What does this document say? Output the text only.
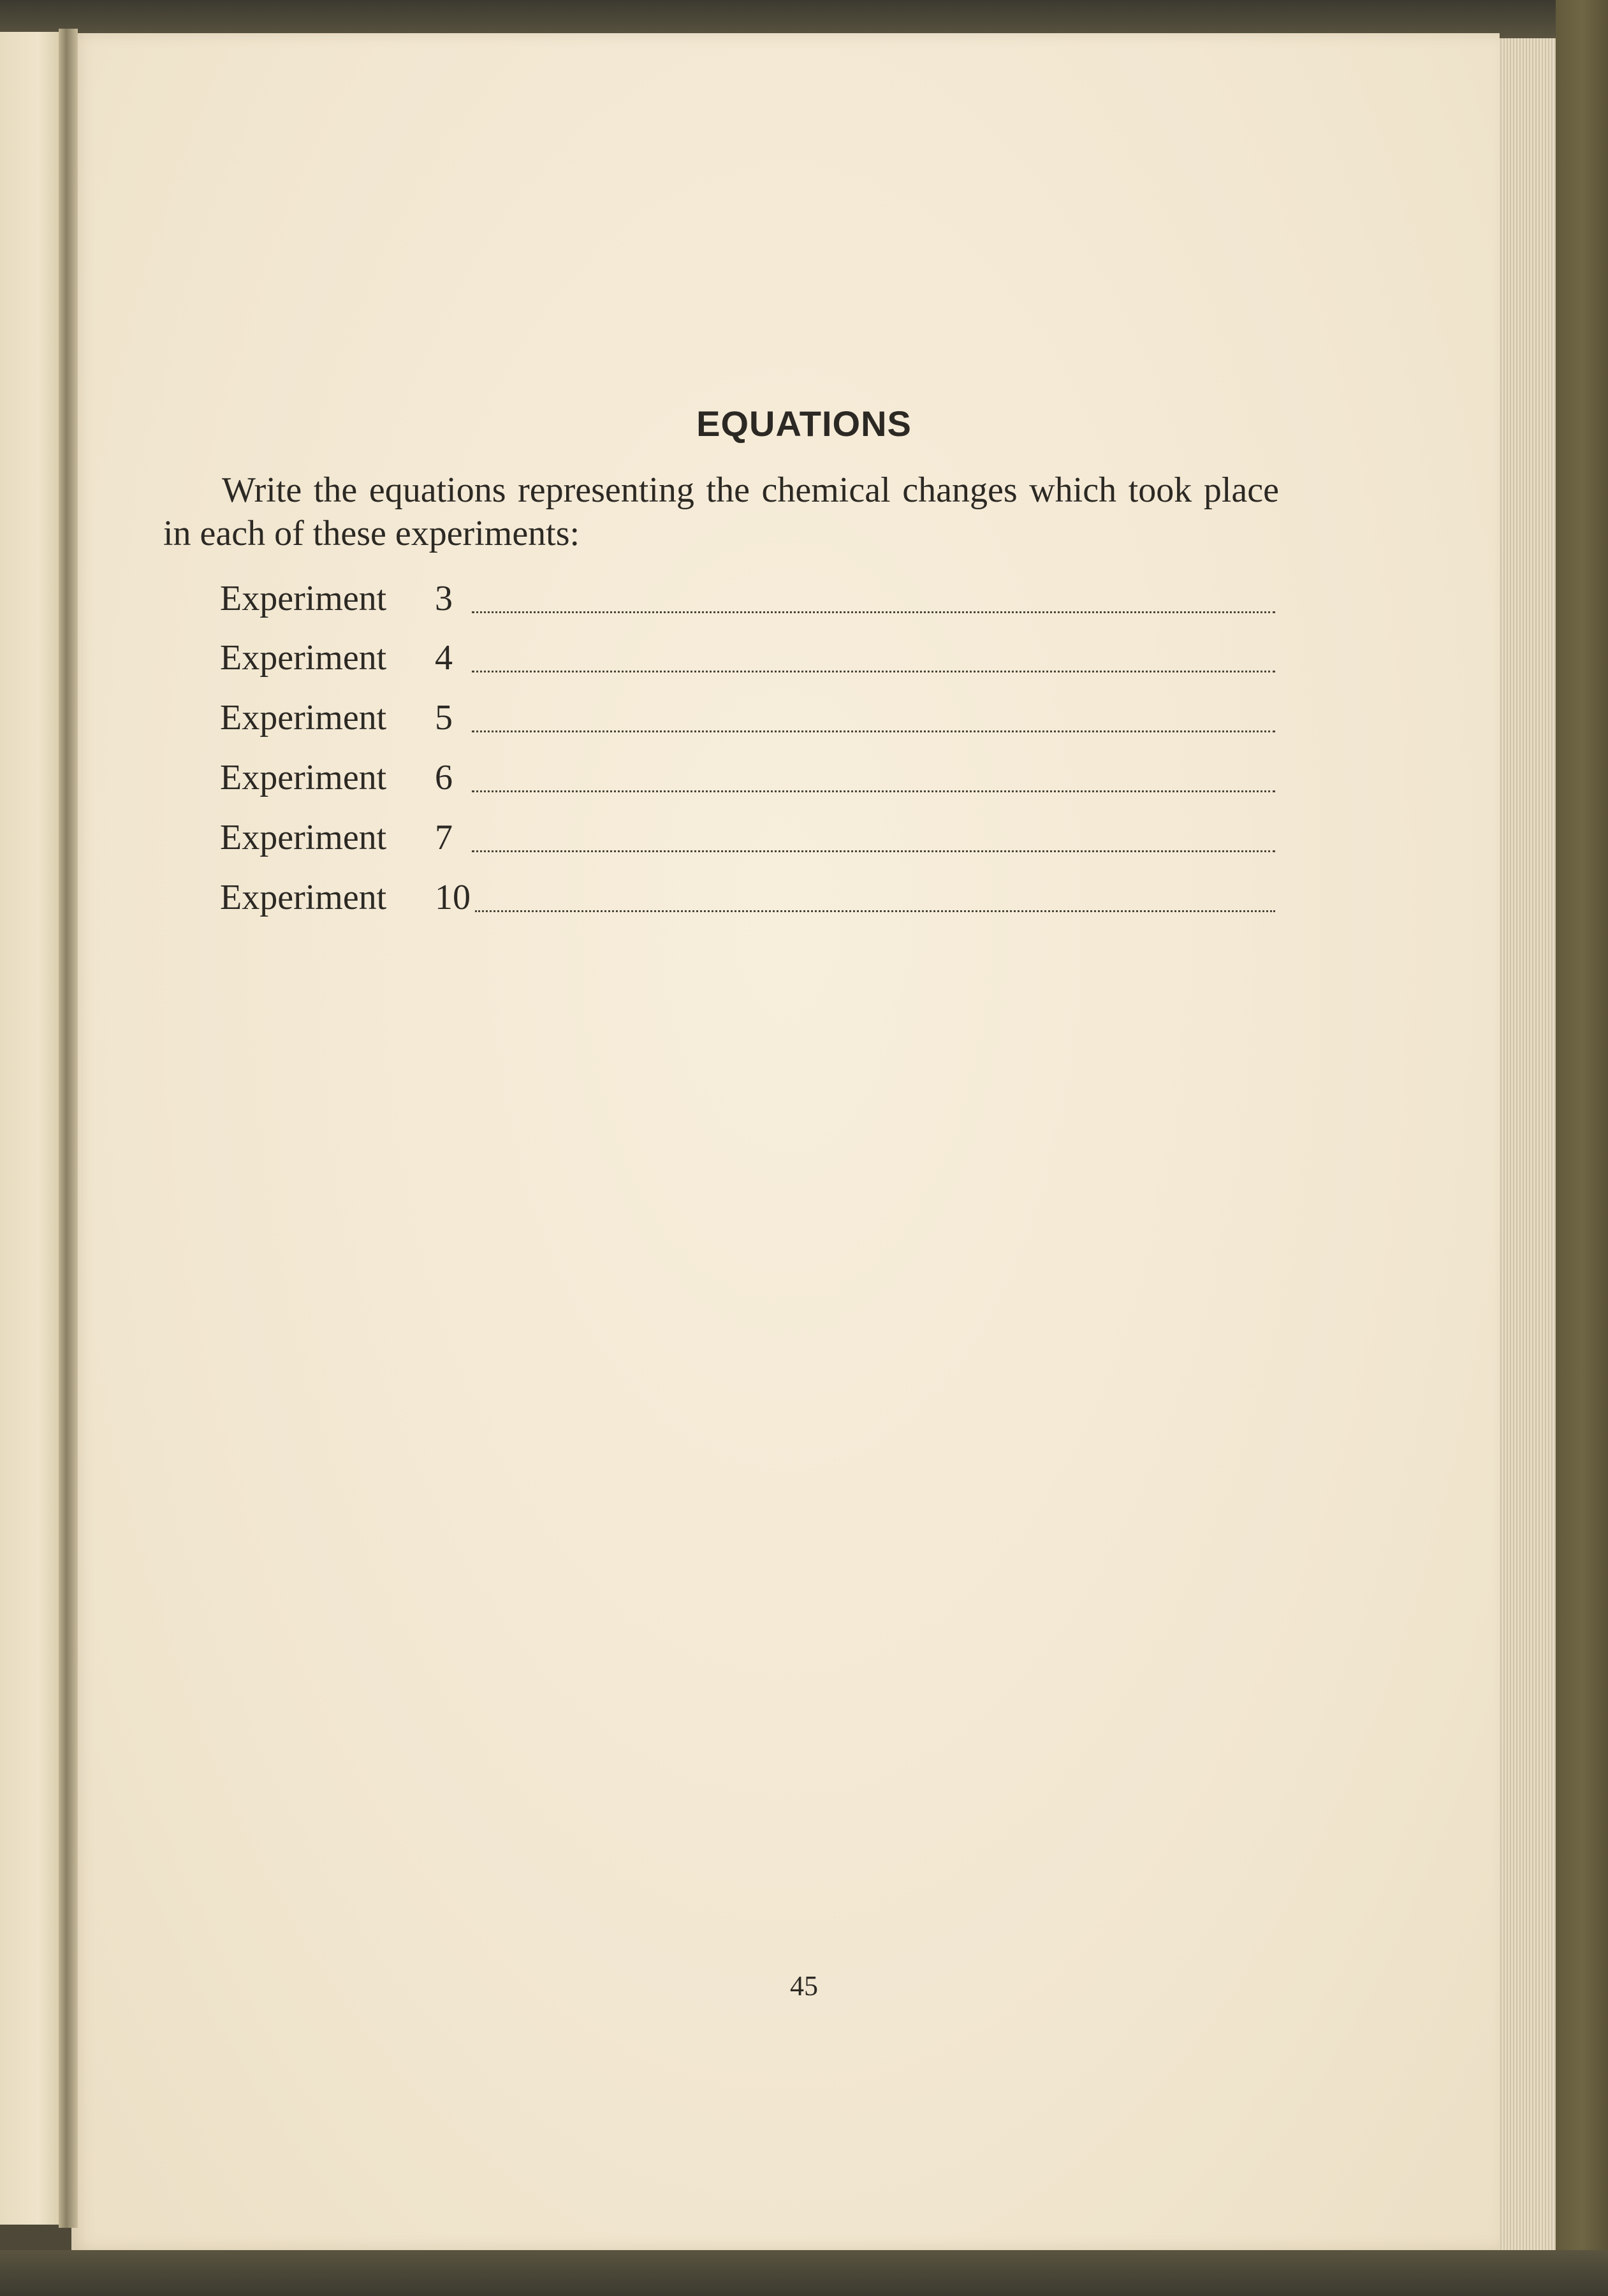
EQUATIONS

Write the equations representing the chemical changes which took place in each of these experiments:

Experiment 3
Experiment 4
Experiment 5
Experiment 6
Experiment 7
Experiment 10
45
